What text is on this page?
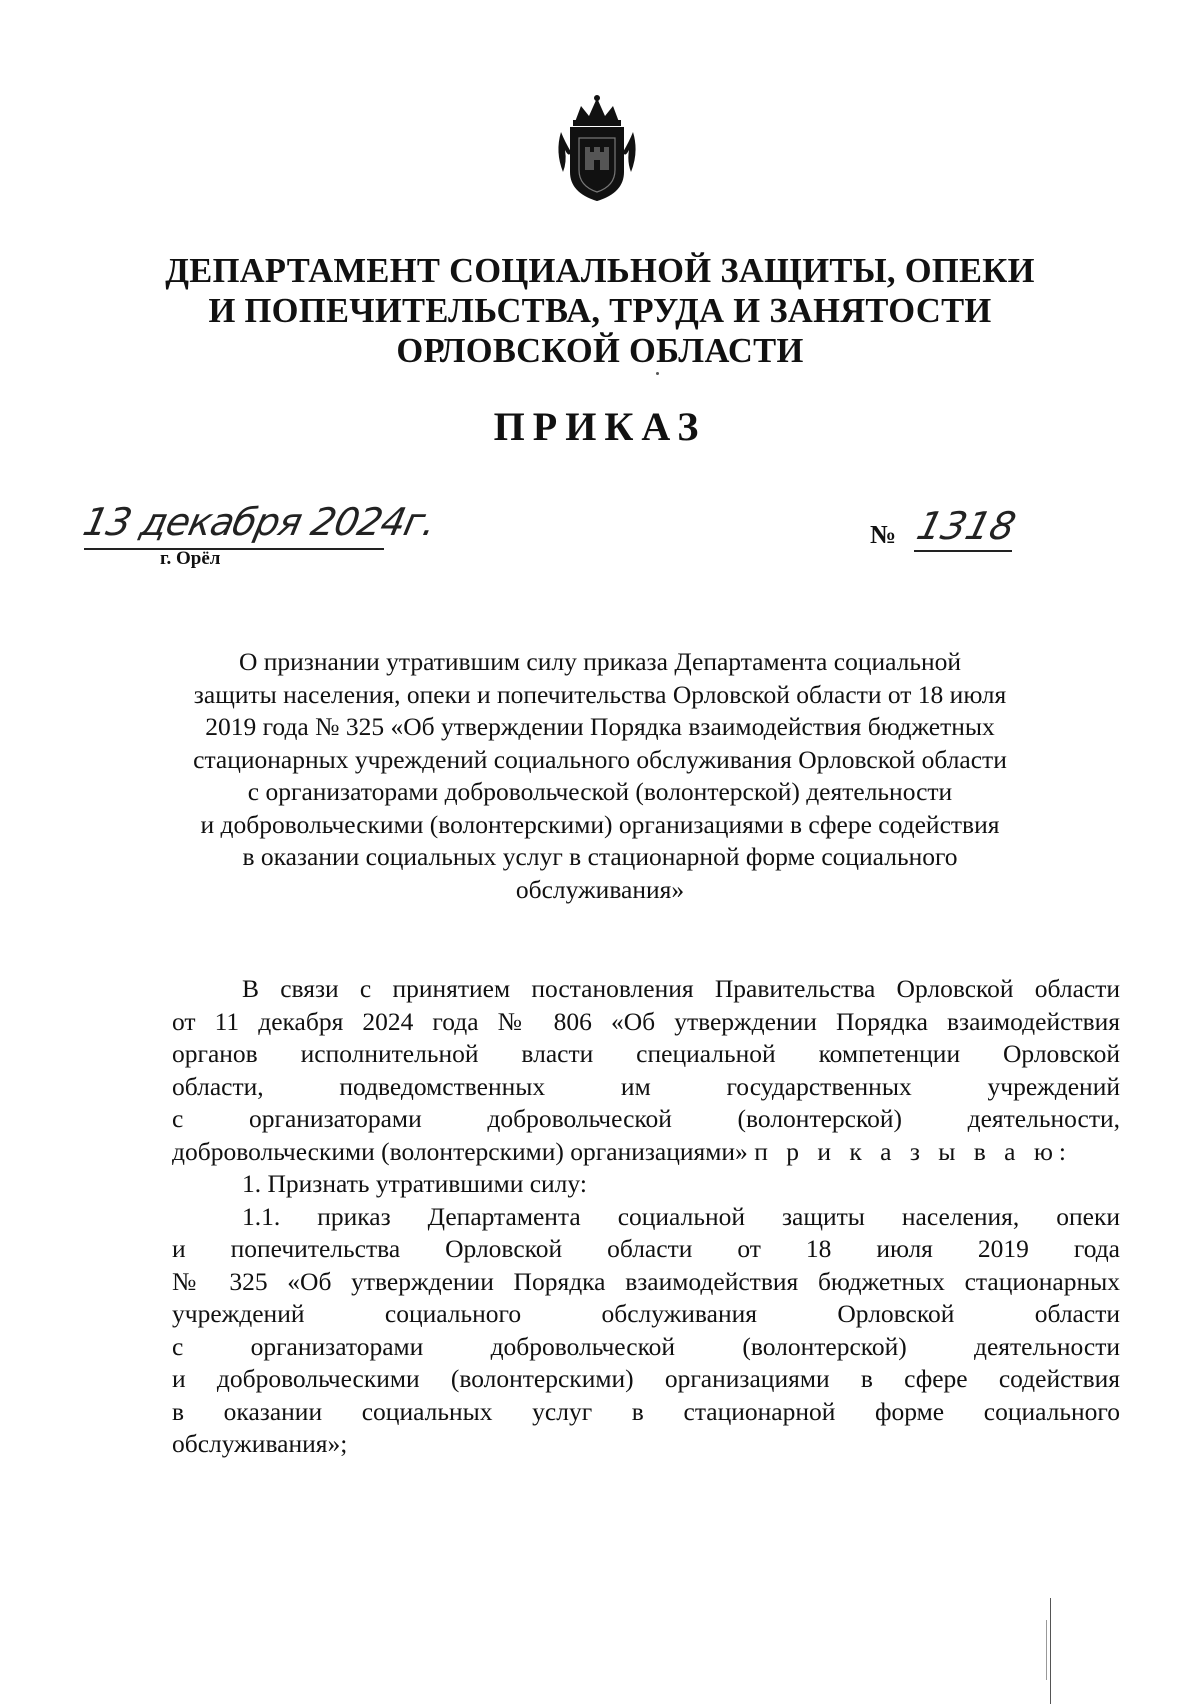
ДЕПАРТАМЕНТ СОЦИАЛЬНОЙ ЗАЩИТЫ, ОПЕКИ
И ПОПЕЧИТЕЛЬСТВА, ТРУДА И ЗАНЯТОСТИ
ОРЛОВСКОЙ ОБЛАСТИ
ПРИКАЗ
13 декабря 2024г.
г. Орёл
№ 1318
О признании утратившим силу приказа Департамента социальной
защиты населения, опеки и попечительства Орловской области от 18 июля
2019 года № 325 «Об утверждении Порядка взаимодействия бюджетных
стационарных учреждений социального обслуживания Орловской области
с организаторами добровольческой (волонтерской) деятельности
и добровольческими (волонтерскими) организациями в сфере содействия
в оказании социальных услуг в стационарной форме социального
обслуживания»
В связи с принятием постановления Правительства Орловской области
от 11 декабря 2024 года № 806 «Об утверждении Порядка взаимодействия
органов исполнительной власти специальной компетенции Орловской
области, подведомственных им государственных учреждений
с организаторами добровольческой (волонтерской) деятельности,
добровольческими (волонтерскими) организациями» п р и к а з ы в а ю:
1. Признать утратившими силу:
1.1. приказ Департамента социальной защиты населения, опеки
и попечительства Орловской области от 18 июля 2019 года
№ 325 «Об утверждении Порядка взаимодействия бюджетных стационарных
учреждений социального обслуживания Орловской области
с организаторами добровольческой (волонтерской) деятельности
и добровольческими (волонтерскими) организациями в сфере содействия
в оказании социальных услуг в стационарной форме социального
обслуживания»;
